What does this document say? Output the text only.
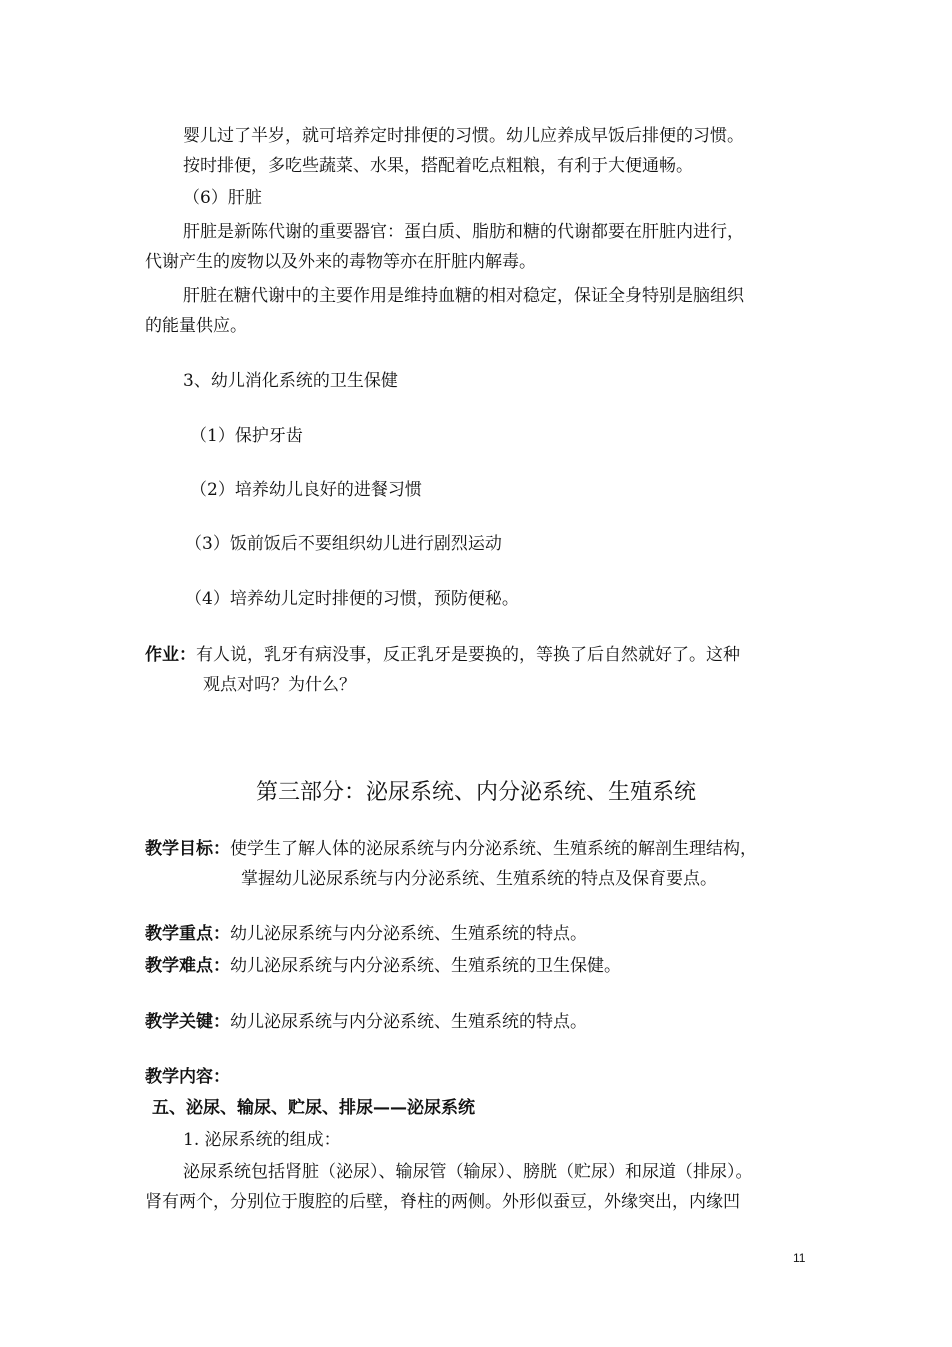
婴儿过了半岁，就可培养定时排便的习惯。幼儿应养成早饭后排便的习惯。
按时排便，多吃些蔬菜、水果，搭配着吃点粗粮，有利于大便通畅。
（6）肝脏
肝脏是新陈代谢的重要器官：蛋白质、脂肪和糖的代谢都要在肝脏内进行，
代谢产生的废物以及外来的毒物等亦在肝脏内解毒。
肝脏在糖代谢中的主要作用是维持血糖的相对稳定，保证全身特别是脑组织
的能量供应。
3、幼儿消化系统的卫生保健
（1）保护牙齿
（2）培养幼儿良好的进餐习惯
（3）饭前饭后不要组织幼儿进行剧烈运动
（4）培养幼儿定时排便的习惯，预防便秘。
作业：有人说，乳牙有病没事，反正乳牙是要换的，等换了后自然就好了。这种
观点对吗？为什么？
第三部分：泌尿系统、内分泌系统、生殖系统
教学目标：使学生了解人体的泌尿系统与内分泌系统、生殖系统的解剖生理结构，
掌握幼儿泌尿系统与内分泌系统、生殖系统的特点及保育要点。
教学重点：幼儿泌尿系统与内分泌系统、生殖系统的特点。
教学难点：幼儿泌尿系统与内分泌系统、生殖系统的卫生保健。
教学关键：幼儿泌尿系统与内分泌系统、生殖系统的特点。
教学内容：
五、泌尿、输尿、贮尿、排尿——泌尿系统
1. 泌尿系统的组成：
泌尿系统包括肾脏（泌尿）、输尿管（输尿）、膀胱（贮尿）和尿道（排尿）。
肾有两个，分别位于腹腔的后壁，脊柱的两侧。外形似蚕豆，外缘突出，内缘凹
11
